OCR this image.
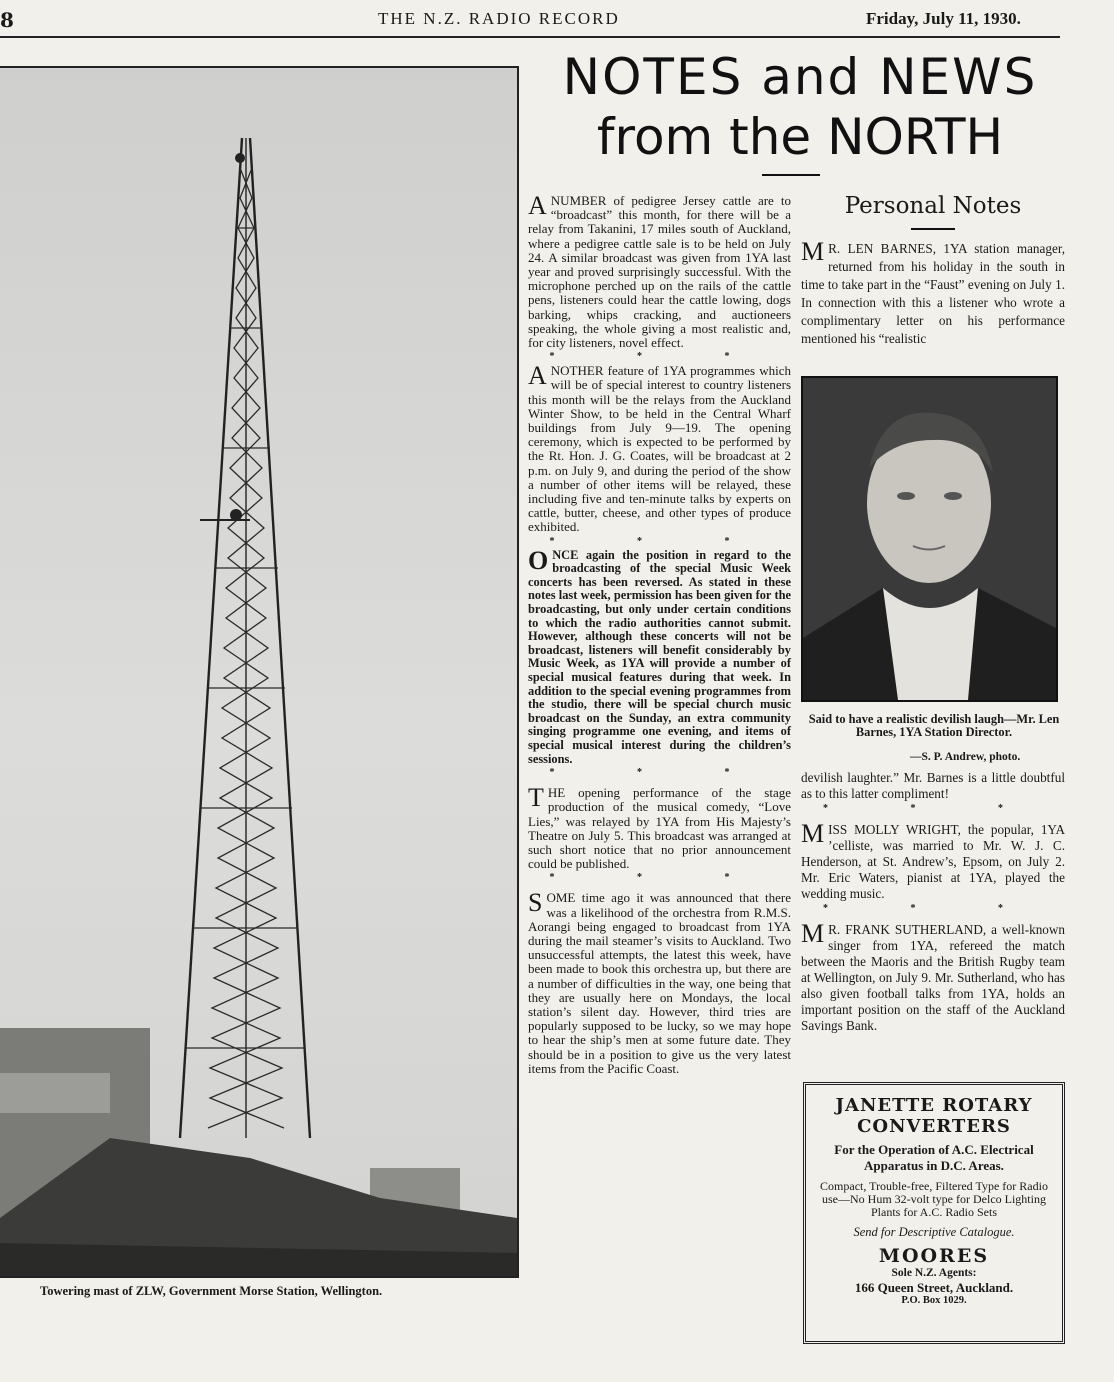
8	THE N.Z. RADIO RECORD	Friday, July 11, 1930.
Towering mast of ZLW, Government Morse Station, Wellington.
NOTES and NEWS
from the NORTH

ANUMBER of pedigree Jersey cattle are to “broadcast” this month, for there will be a relay from Takanini, 17 miles south of Auckland, where a pedigree cattle sale is to be held on July 24. A similar broadcast was given from 1YA last year and proved surprisingly successful. With the microphone perched up on the rails of the cattle pens, listeners could hear the cattle lowing, dogs barking, whips cracking, and auctioneers speaking, the whole giving a most realistic and, for city listeners, novel effect.

* * *

ANOTHER feature of 1YA programmes which will be of special interest to country listeners this month will be the relays from the Auckland Winter Show, to be held in the Central Wharf buildings from July 9—19. The opening ceremony, which is expected to be performed by the Rt. Hon. J. G. Coates, will be broadcast at 2 p.m. on July 9, and during the period of the show a number of other items will be relayed, these including five and ten-minute talks by experts on cattle, butter, cheese, and other types of produce exhibited.

* * *

ONCE again the position in regard to the broadcasting of the special Music Week concerts has been reversed. As stated in these notes last week, permission has been given for the broadcasting, but only under certain conditions to which the radio authorities cannot submit. However, although these concerts will not be broadcast, listeners will benefit considerably by Music Week, as 1YA will provide a number of special musical features during that week. In addition to the special evening programmes from the studio, there will be special church music broadcast on the Sunday, an extra community singing programme one evening, and items of special musical interest during the children’s sessions.

* * *

THE opening performance of the stage production of the musical comedy, “Love Lies,” was relayed by 1YA from His Majesty’s Theatre on July 5. This broadcast was arranged at such short notice that no prior announcement could be published.

* * *

SOME time ago it was announced that there was a likelihood of the orchestra from R.M.S. Aorangi being engaged to broadcast from 1YA during the mail steamer’s visits to Auckland. Two unsuccessful attempts, the latest this week, have been made to book this orchestra up, but there are a number of difficulties in the way, one being that they are usually here on Mondays, the local station’s silent day. However, third tries are popularly supposed to be lucky, so we may hope to hear the ship’s men at some future date. They should be in a position to give us the very latest items from the Pacific Coast.

Personal Notes

M R. LEN BARNES, 1YA station manager, returned from his holiday in the south in time to take part in the “Faust” evening on July 1. In connection with this a listener who wrote a complimentary letter on his performance mentioned his “realistic

Said to have a realistic devilish laugh—Mr. Len Barnes, 1YA Station Director.
—S. P. Andrew, photo.

devilish laughter.” Mr. Barnes is a little doubtful as to this latter compliment!

* * *

MISS MOLLY WRIGHT, the popular, 1YA ’celliste, was married to Mr. W. J. C. Henderson, at St. Andrew’s, Epsom, on July 2. Mr. Eric Waters, pianist at 1YA, played the wedding music.

* * *

M R. FRANK SUTHERLAND, a well-known singer from 1YA, refereed the match between the Maoris and the British Rugby team at Wellington, on July 9. Mr. Sutherland, who has also given football talks from 1YA, holds an important position on the staff of the Auckland Savings Bank.

JANETTE ROTARY
CONVERTERS
For the Operation of A.C. Electrical Apparatus in D.C. Areas.
Compact, Trouble-free, Filtered Type for Radio use—No Hum 32-volt type for Delco Lighting Plants for A.C. Radio Sets
Send for Descriptive Catalogue.
MOORES
Sole N.Z. Agents:
166 Queen Street, Auckland.
P.O. Box 1029.
